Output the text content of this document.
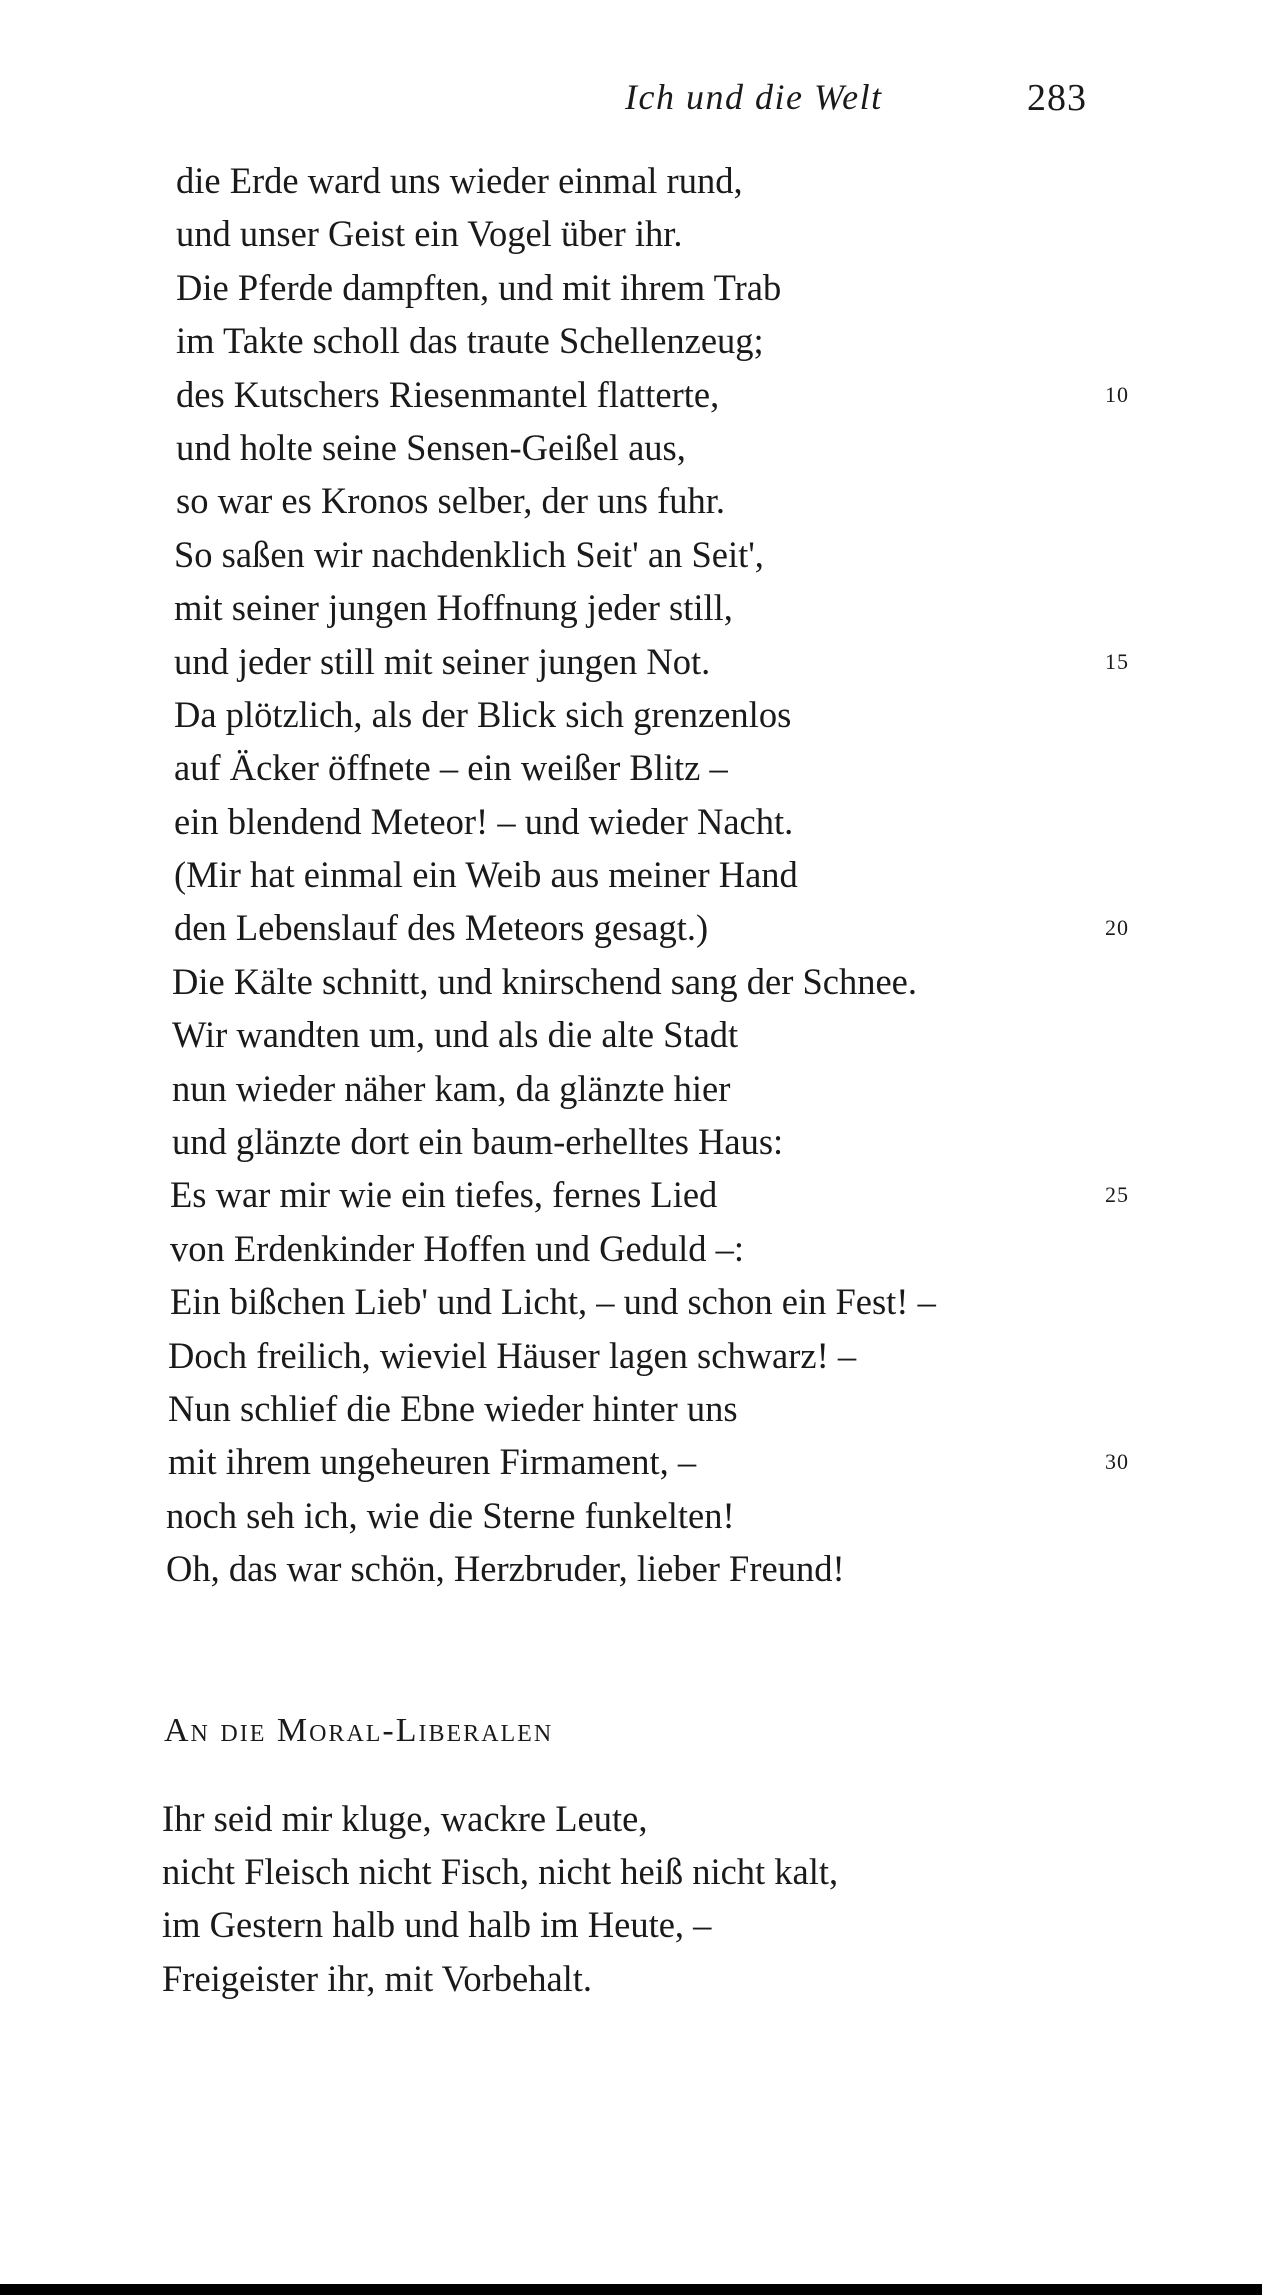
Ich und die Welt	283
die Erde ward uns wieder einmal rund,
und unser Geist ein Vogel über ihr.
Die Pferde dampften, und mit ihrem Trab
im Takte scholl das traute Schellenzeug;
des Kutschers Riesenmantel flatterte,	10
und holte seine Sensen-Geißel aus,
so war es Kronos selber, der uns fuhr.
So saßen wir nachdenklich Seit' an Seit',
mit seiner jungen Hoffnung jeder still,
und jeder still mit seiner jungen Not.	15
Da plötzlich, als der Blick sich grenzenlos
auf Äcker öffnete – ein weißer Blitz –
ein blendend Meteor! – und wieder Nacht.
(Mir hat einmal ein Weib aus meiner Hand
den Lebenslauf des Meteors gesagt.)	20
Die Kälte schnitt, und knirschend sang der Schnee.
Wir wandten um, und als die alte Stadt
nun wieder näher kam, da glänzte hier
und glänzte dort ein baum-erhelltes Haus:
Es war mir wie ein tiefes, fernes Lied	25
von Erdenkinder Hoffen und Geduld –:
Ein bißchen Lieb' und Licht, – und schon ein Fest! –
Doch freilich, wieviel Häuser lagen schwarz! –
Nun schlief die Ebne wieder hinter uns
mit ihrem ungeheuren Firmament, –	30
noch seh ich, wie die Sterne funkelten!
Oh, das war schön, Herzbruder, lieber Freund!
An die Moral-Liberalen
Ihr seid mir kluge, wackre Leute,
nicht Fleisch nicht Fisch, nicht heiß nicht kalt,
im Gestern halb und halb im Heute, –
Freigeister ihr, mit Vorbehalt.
